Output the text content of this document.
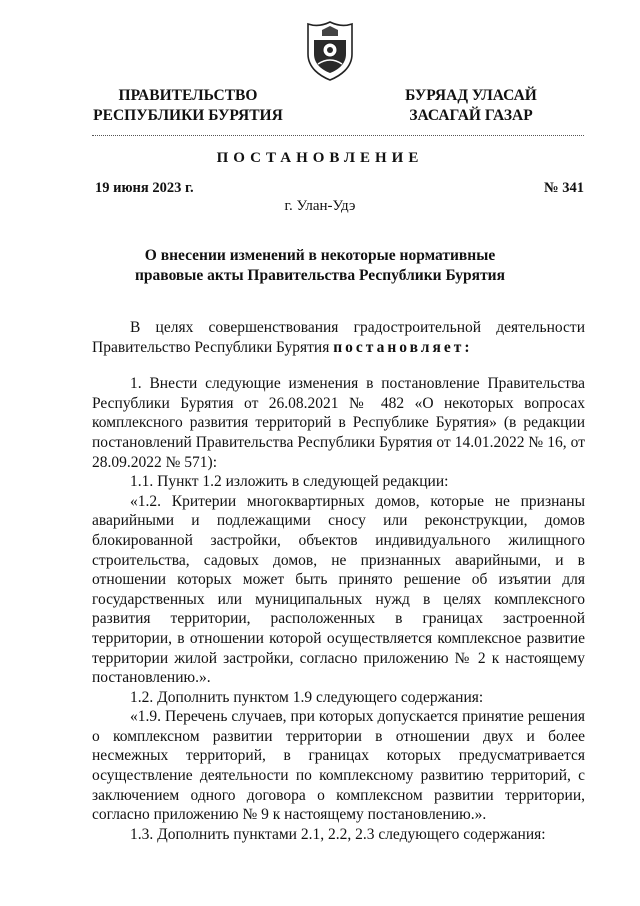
ПРАВИТЕЛЬСТВО
РЕСПУБЛИКИ БУРЯТИЯ
БУРЯАД УЛАСАЙ
ЗАСАГАЙ ГАЗАР
ПОСТАНОВЛЕНИЕ
19 июня 2023 г.	№ 341
г. Улан-Удэ
О внесении изменений в некоторые нормативные
правовые акты Правительства Республики Бурятия

В целях совершенствования градостроительной деятельности Правительство Республики Бурятия постановляет:

1. Внести следующие изменения в постановление Правительства Республики Бурятия от 26.08.2021 № 482 «О некоторых вопросах комплексного развития территорий в Республике Бурятия» (в редакции постановлений Правительства Республики Бурятия от 14.01.2022 № 16, от 28.09.2022 № 571):

1.1. Пункт 1.2 изложить в следующей редакции:

«1.2. Критерии многоквартирных домов, которые не признаны аварийными и подлежащими сносу или реконструкции, домов блокированной застройки, объектов индивидуального жилищного строительства, садовых домов, не признанных аварийными, и в отношении которых может быть принято решение об изъятии для государственных или муниципальных нужд в целях комплексного развития территории, расположенных в границах застроенной территории, в отношении которой осуществляется комплексное развитие территории жилой застройки, согласно приложению № 2 к настоящему постановлению.».

1.2. Дополнить пунктом 1.9 следующего содержания:

«1.9. Перечень случаев, при которых допускается принятие решения о комплексном развитии территории в отношении двух и более несмежных территорий, в границах которых предусматривается осуществление деятельности по комплексному развитию территорий, с заключением одного договора о комплексном развитии территории, согласно приложению № 9 к настоящему постановлению.».

1.3. Дополнить пунктами 2.1, 2.2, 2.3 следующего содержания:
